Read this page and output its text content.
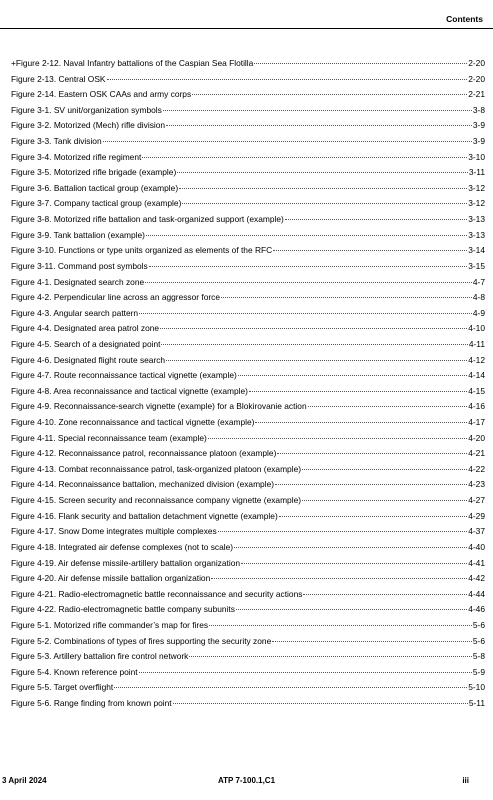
Contents
+Figure 2-12. Naval Infantry battalions of the Caspian Sea Flotilla	2-20
Figure 2-13. Central OSK	2-20
Figure 2-14. Eastern OSK CAAs and army corps	2-21
Figure 3-1. SV unit/organization symbols	3-8
Figure 3-2. Motorized (Mech) rifle division	3-9
Figure 3-3. Tank division	3-9
Figure 3-4. Motorized rifle regiment	3-10
Figure 3-5. Motorized rifle brigade (example)	3-11
Figure 3-6. Battalion tactical group (example)	3-12
Figure 3-7. Company tactical group (example)	3-12
Figure 3-8. Motorized rifle battalion and task-organized support (example)	3-13
Figure 3-9. Tank battalion (example)	3-13
Figure 3-10. Functions or type units organized as elements of the RFC	3-14
Figure 3-11. Command post symbols	3-15
Figure 4-1. Designated search zone	4-7
Figure 4-2. Perpendicular line across an aggressor force	4-8
Figure 4-3. Angular search pattern	4-9
Figure 4-4. Designated area patrol zone	4-10
Figure 4-5. Search of a designated point	4-11
Figure 4-6. Designated flight route search	4-12
Figure 4-7. Route reconnaissance tactical vignette (example)	4-14
Figure 4-8. Area reconnaissance and tactical vignette (example)	4-15
Figure 4-9. Reconnaissance-search vignette (example) for a Blokirovanie action	4-16
Figure 4-10. Zone reconnaissance and tactical vignette (example)	4-17
Figure 4-11. Special reconnaissance team (example)	4-20
Figure 4-12. Reconnaissance patrol, reconnaissance platoon (example)	4-21
Figure 4-13. Combat reconnaissance patrol, task-organized platoon (example)	4-22
Figure 4-14. Reconnaissance battalion, mechanized division (example)	4-23
Figure 4-15. Screen security and reconnaissance company vignette (example)	4-27
Figure 4-16. Flank security and battalion detachment vignette (example)	4-29
Figure 4-17. Snow Dome integrates multiple complexes	4-37
Figure 4-18. Integrated air defense complexes (not to scale)	4-40
Figure 4-19. Air defense missile-artillery battalion organization	4-41
Figure 4-20. Air defense missile battalion organization	4-42
Figure 4-21. Radio-electromagnetic battle reconnaissance and security actions	4-44
Figure 4-22. Radio-electromagnetic battle company subunits	4-46
Figure 5-1. Motorized rifle commander’s map for fires	5-6
Figure 5-2. Combinations of types of fires supporting the security zone	5-6
Figure 5-3. Artillery battalion fire control network	5-8
Figure 5-4. Known reference point	5-9
Figure 5-5. Target overflight	5-10
Figure 5-6. Range finding from known point	5-11
3 April 2024	ATP 7-100.1,C1	iii
